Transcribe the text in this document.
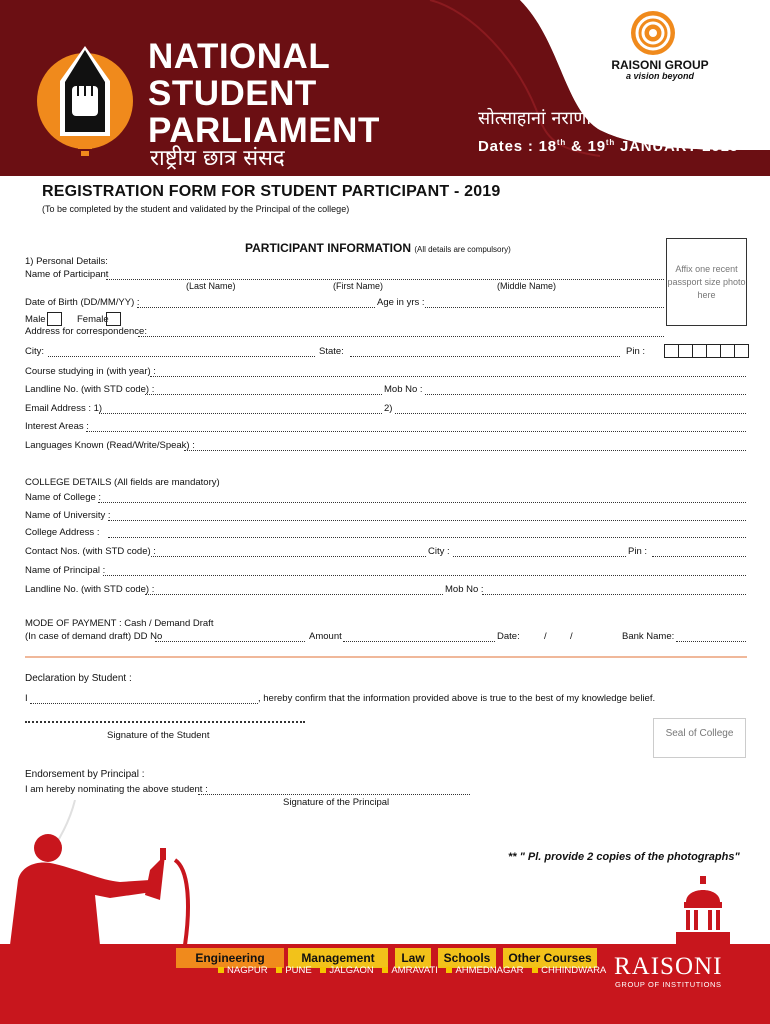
NATIONAL
STUDENT
PARLIAMENT
राष्ट्रीय छात्र संसद
RAISONI GROUP
a vision beyond
सोत्साहानां नराणां नास्ति असाध्यम् ।।
Dates : 18th & 19th JANUARY 2019
REGISTRATION FORM FOR STUDENT PARTICIPANT - 2019
(To be completed by the student and validated by the Principal of the college)
PARTICIPANT INFORMATION (All details are compulsory)
Affix one recent passport size photo here
1) Personal Details:
Name of Participant
(Last Name)	(First Name)	(Middle Name)
Date of Birth (DD/MM/YY) :	Age in yrs :
Male	Female
Address for correspondence:
City:	State:	Pin :
Course studying in (with year) :
Landline No. (with STD code) :	Mob No :
Email Address : 1)	2)
Interest Areas :
Languages Known (Read/Write/Speak) :
COLLEGE DETAILS (All fields are mandatory)
Name of College :
Name of University :
College Address :
Contact Nos. (with STD code) :	City :	Pin :
Name of Principal :
Landline No. (with STD code) :	Mob No :
MODE OF PAYMENT : Cash / Demand Draft
(In case of demand draft) DD No	Amount	Date:	/ /	Bank Name:
Declaration by Student :
I	, hereby confirm that the information provided above is true to the best of my knowledge belief.
Signature of the Student	Seal of College
Endorsement by Principal :
I am hereby nominating the above student :
Signature of the Principal
** " Pl. provide 2 copies of the photographs"
Engineering	Management	Law	Schools	Other Courses
NAGPUR PUNE JALGAON AMRAVATI AHMEDNAGAR CHHINDWARA RAISONI
GROUP OF INSTITUTIONS
